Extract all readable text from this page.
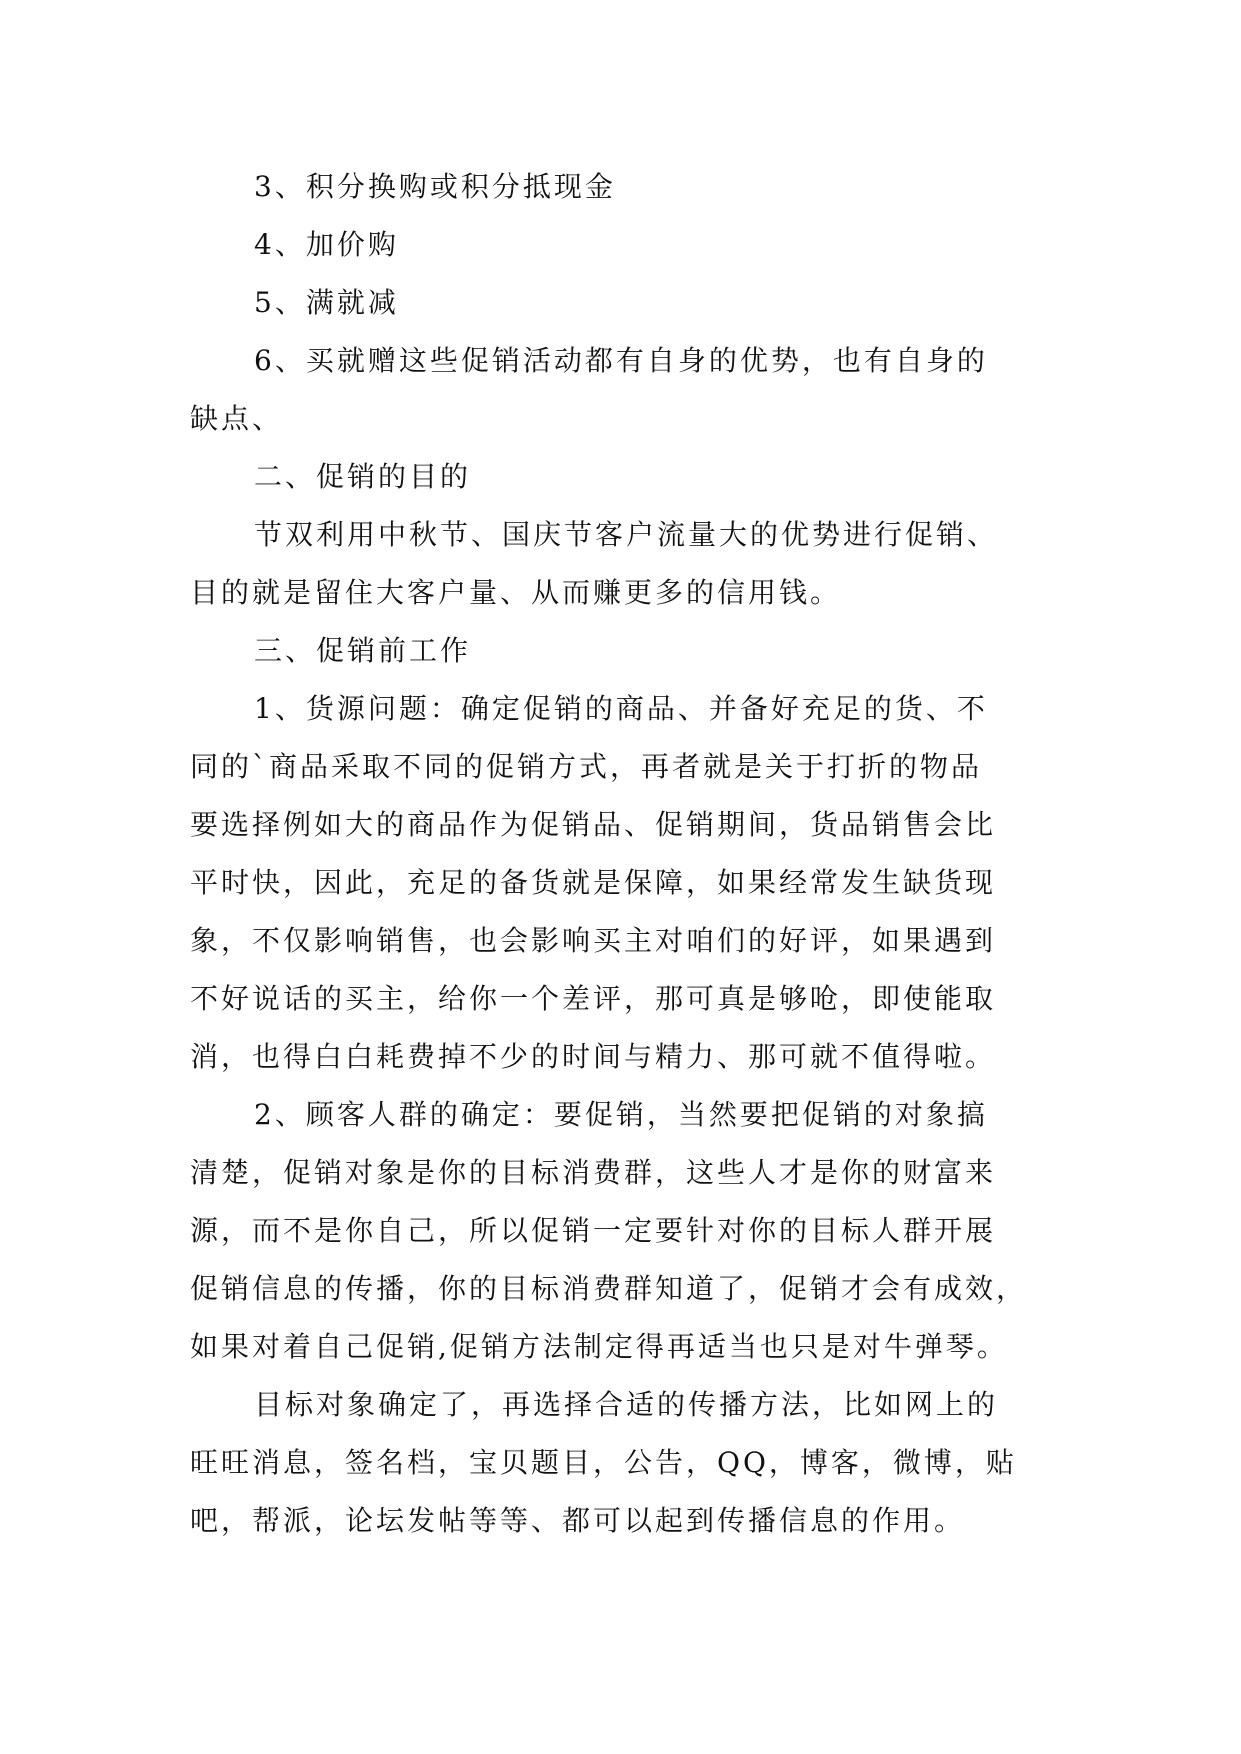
3、积分换购或积分抵现金
4、加价购
5、满就减
6、买就赠这些促销活动都有自身的优势，也有自身的
缺点、
二、促销的目的
节双利用中秋节、国庆节客户流量大的优势进行促销、
目的就是留住大客户量、从而赚更多的信用钱。
三、促销前工作
1、货源问题：确定促销的商品、并备好充足的货、不
同的`商品采取不同的促销方式，再者就是关于打折的物品
要选择例如大的商品作为促销品、促销期间，货品销售会比
平时快，因此，充足的备货就是保障，如果经常发生缺货现
象，不仅影响销售，也会影响买主对咱们的好评，如果遇到
不好说话的买主，给你一个差评，那可真是够呛，即使能取
消，也得白白耗费掉不少的时间与精力、那可就不值得啦。
2、顾客人群的确定：要促销，当然要把促销的对象搞
清楚，促销对象是你的目标消费群，这些人才是你的财富来
源，而不是你自己，所以促销一定要针对你的目标人群开展
促销信息的传播，你的目标消费群知道了，促销才会有成效，
如果对着自己促销,促销方法制定得再适当也只是对牛弹琴。
目标对象确定了，再选择合适的传播方法，比如网上的
旺旺消息，签名档，宝贝题目，公告，QQ，博客，微博，贴
吧，帮派，论坛发帖等等、都可以起到传播信息的作用。
